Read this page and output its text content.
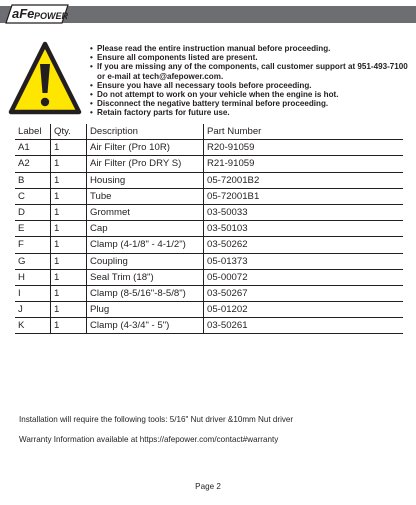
aFe POWER
• Please read the entire instruction manual before proceeding.
• Ensure all components listed are present.
• If you are missing any of the components, call customer support at 951-493-7100 or e-mail at tech@afepower.com.
• Ensure you have all necessary tools before proceeding.
• Do not attempt to work on your vehicle when the engine is hot.
• Disconnect the negative battery terminal before proceeding.
• Retain factory parts for future use.
Label	Qty.	Description	Part Number
A1	1	Air Filter (Pro 10R)	R20-91059
A2	1	Air Filter (Pro DRY S)	R21-91059
B	1	Housing	05-72001B2
C	1	Tube	05-72001B1
D	1	Grommet	03-50033
E	1	Cap	03-50103
F	1	Clamp (4-1/8" - 4-1/2")	03-50262
G	1	Coupling	05-01373
H	1	Seal Trim (18")	05-00072
I	1	Clamp (8-5/16"-8-5/8")	03-50267
J	1	Plug	05-01202
K	1	Clamp (4-3/4" - 5")	03-50261

Installation will require the following tools: 5/16" Nut driver &10mm Nut driver

Warranty Information available at https://afepower.com/contact#warranty

Page 2
